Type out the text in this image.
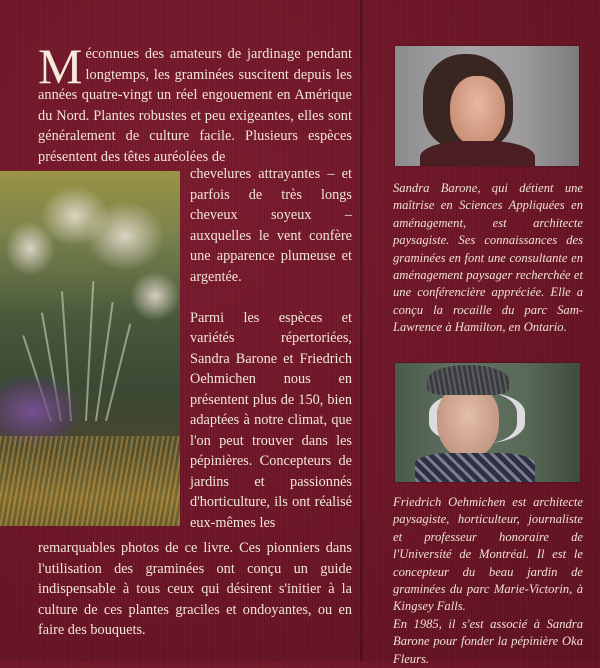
Méconnues des amateurs de jardinage pendant longtemps, les graminées suscitent depuis les années quatre-vingt un réel engouement en Amérique du Nord. Plantes robustes et peu exigeantes, elles sont généralement de culture facile. Plusieurs espèces présentent des têtes auréolées de

chevelures attrayantes – et parfois de très longs cheveux soyeux – auxquelles le vent confère une apparence plumeuse et argentée.

Parmi les espèces et variétés répertoriées, Sandra Barone et Friedrich Oehmichen nous en présentent plus de 150, bien adaptées à notre climat, que l'on peut trouver dans les pépinières. Concepteurs de jardins et passionnés d'horticulture, ils ont réalisé eux-mêmes les

remarquables photos de ce livre. Ces pionniers dans l'utilisation des graminées ont conçu un guide indispensable à tous ceux qui désirent s'initier à la culture de ces plantes graciles et ondoyantes, ou en faire des bouquets.

Sandra Barone, qui détient une maîtrise en Sciences Appliquées en aménagement, est architecte paysagiste. Ses connaissances des graminées en font une consultante en aménagement paysager recherchée et une conférencière appréciée. Elle a conçu la rocaille du parc Sam-Lawrence à Hamilton, en Ontario.

Friedrich Oehmichen est architecte paysagiste, horticulteur, journaliste et professeur honoraire de l'Université de Montréal. Il est le concepteur du beau jardin de graminées du parc Marie-Victorin, à Kingsey Falls.

En 1985, il s'est associé à Sandra Barone pour fonder la pépinière Oka Fleurs.
